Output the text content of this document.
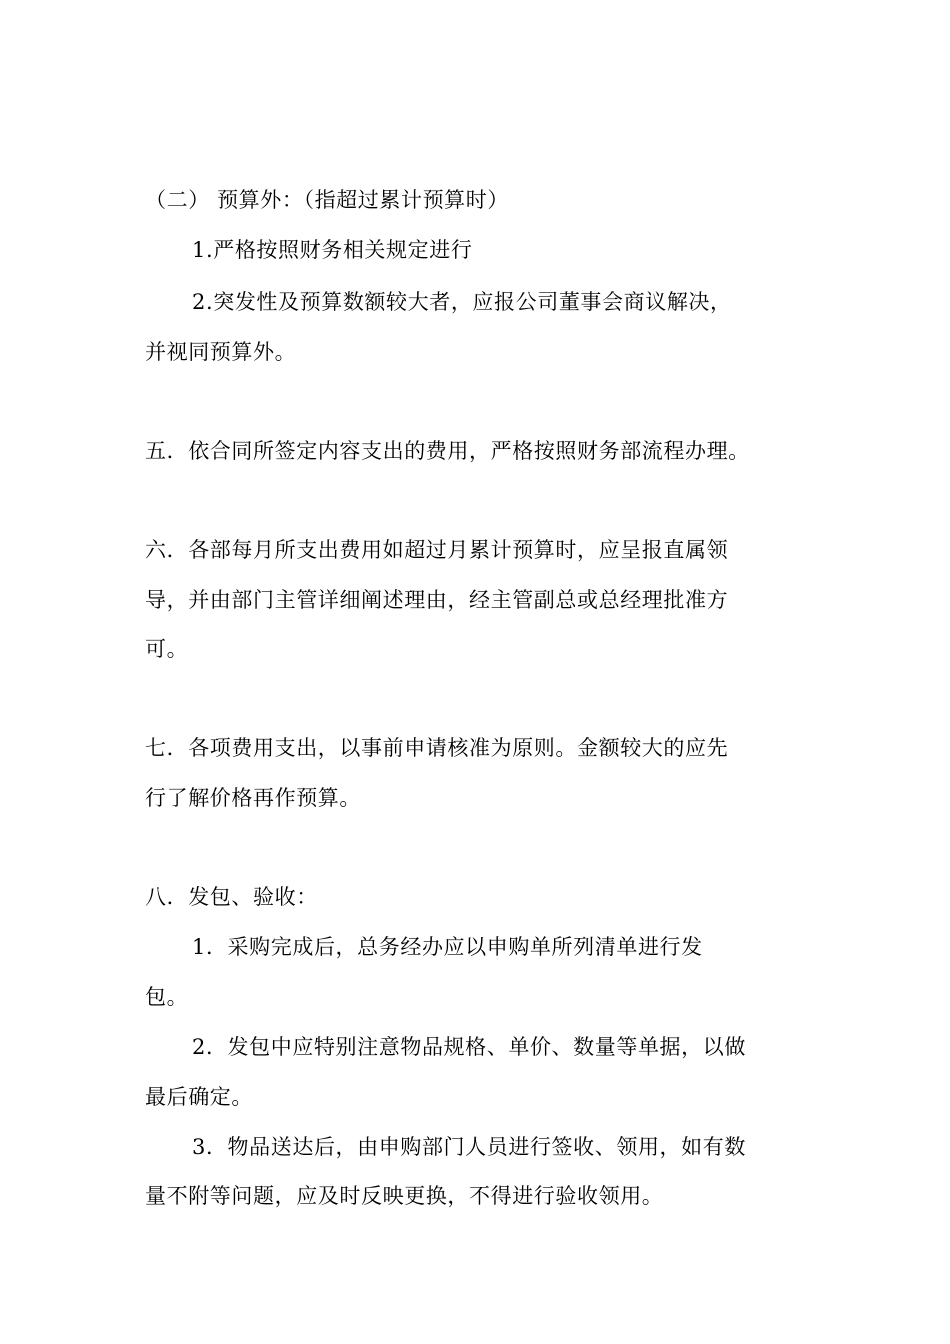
（二） 预算外：（指超过累计预算时）
1.严格按照财务相关规定进行
2.突发性及预算数额较大者，应报公司董事会商议解决，
并视同预算外。
五．依合同所签定内容支出的费用，严格按照财务部流程办理。
六．各部每月所支出费用如超过月累计预算时，应呈报直属领
导，并由部门主管详细阐述理由，经主管副总或总经理批准方
可。
七．各项费用支出，以事前申请核准为原则。金额较大的应先
行了解价格再作预算。
八．发包、验收：
1．采购完成后，总务经办应以申购单所列清单进行发
包。
2．发包中应特别注意物品规格、单价、数量等单据，以做
最后确定。
3．物品送达后，由申购部门人员进行签收、领用，如有数
量不附等问题，应及时反映更换，不得进行验收领用。
